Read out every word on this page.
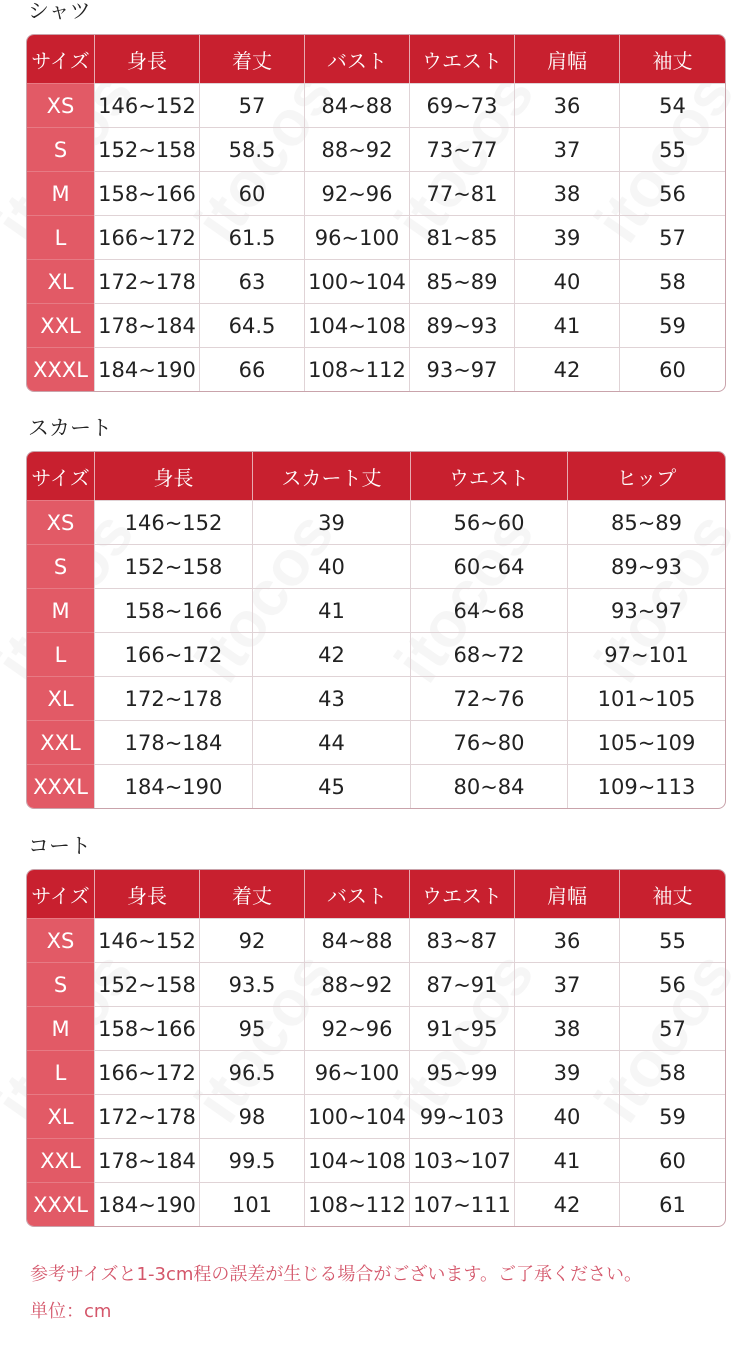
シャツ
サイズ	身長	着丈	バスト	ウエスト	肩幅	袖丈
XS	146~152	57	84~88	69~73	36	54
S	152~158	58.5	88~92	73~77	37	55
M	158~166	60	92~96	77~81	38	56
L	166~172	61.5	96~100	81~85	39	57
XL	172~178	63	100~104	85~89	40	58
XXL	178~184	64.5	104~108	89~93	41	59
XXXL	184~190	66	108~112	93~97	42	60
スカート
サイズ	身長	スカート丈	ウエスト	ヒップ
XS	146~152	39	56~60	85~89
S	152~158	40	60~64	89~93
M	158~166	41	64~68	93~97
L	166~172	42	68~72	97~101
XL	172~178	43	72~76	101~105
XXL	178~184	44	76~80	105~109
XXXL	184~190	45	80~84	109~113
コート
サイズ	身長	着丈	バスト	ウエスト	肩幅	袖丈
XS	146~152	92	84~88	83~87	36	55
S	152~158	93.5	88~92	87~91	37	56
M	158~166	95	92~96	91~95	38	57
L	166~172	96.5	96~100	95~99	39	58
XL	172~178	98	100~104	99~103	40	59
XXL	178~184	99.5	104~108	103~107	41	60
XXXL	184~190	101	108~112	107~111	42	61
参考サイズと1-3cm程の誤差が生じる場合がございます。ご了承ください。
単位：cm
